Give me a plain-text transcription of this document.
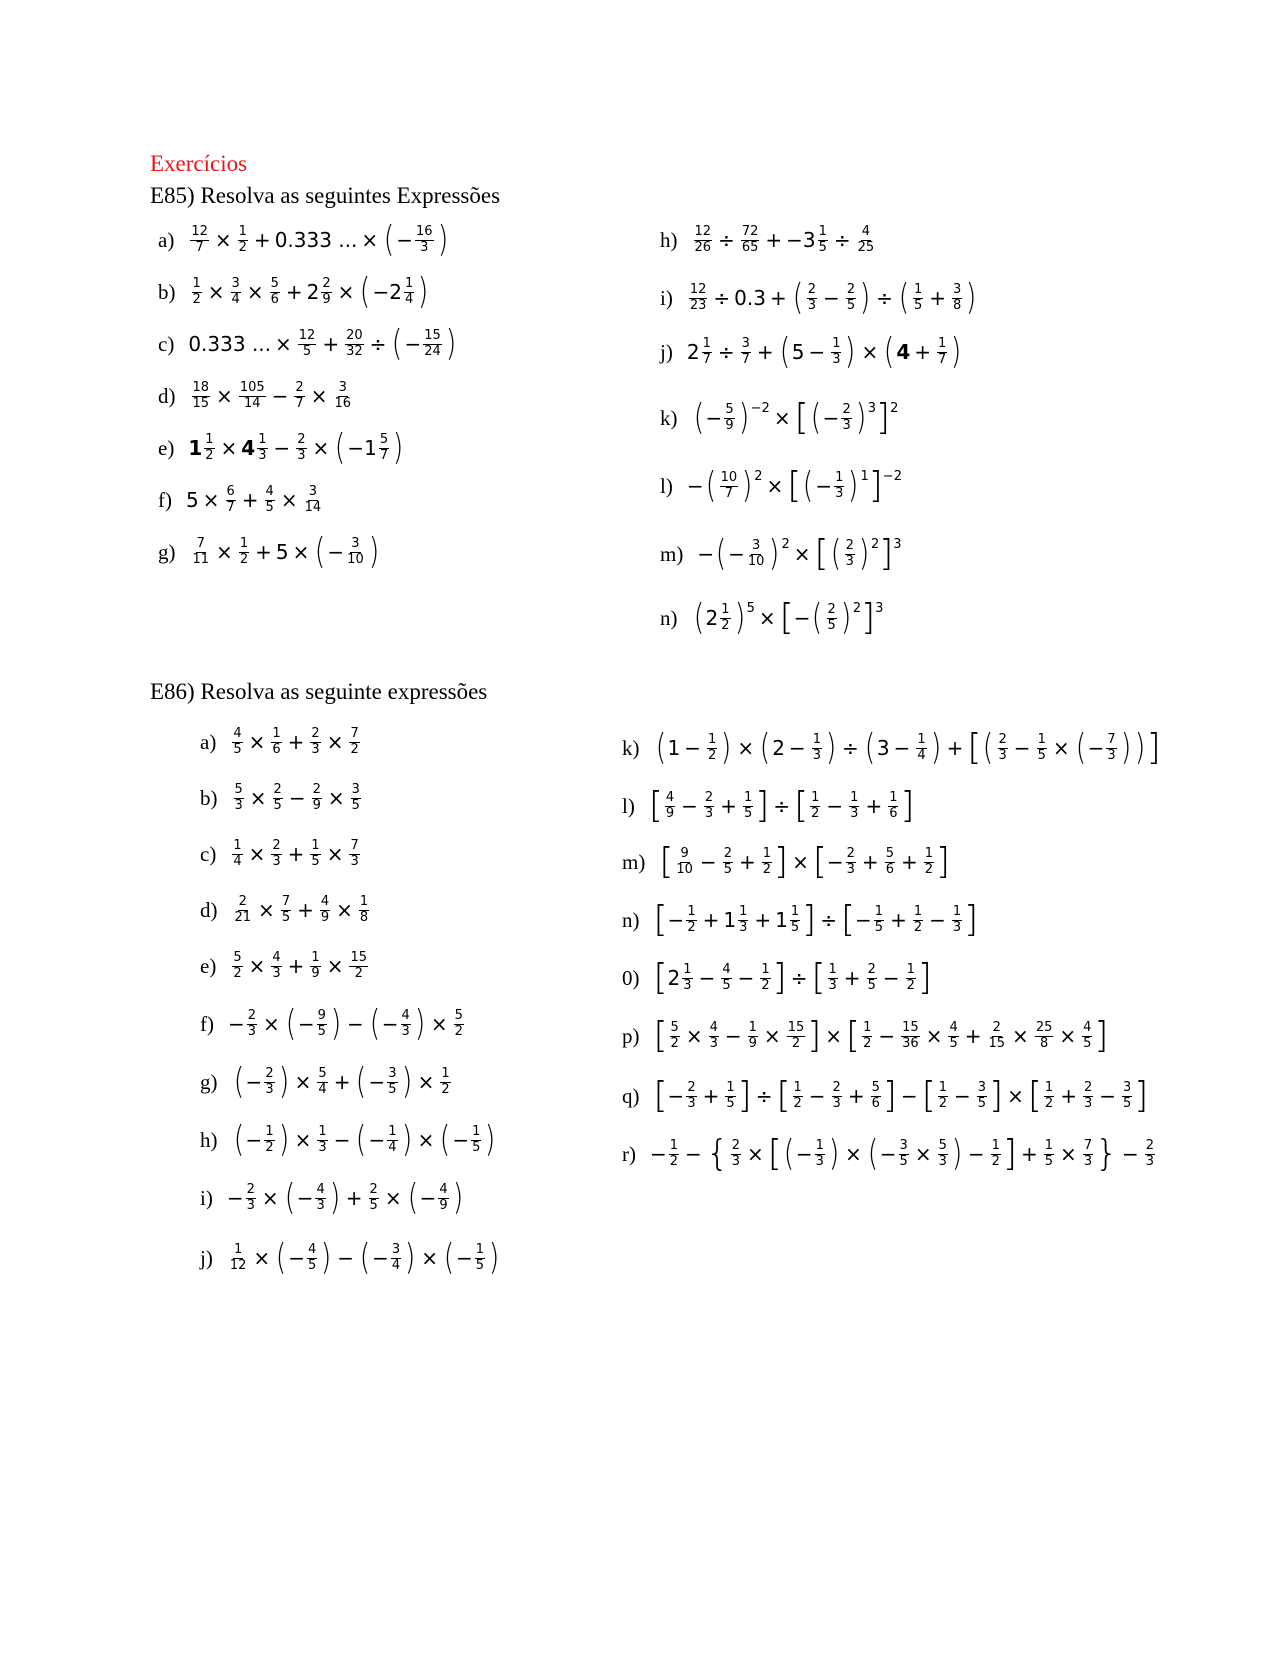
Exercícios
E85) Resolva as seguintes Expressões
E86) Resolva as seguinte expressões
$a) \frac{12}{7} \times \frac{1}{2} + 0.333$ ... × ( − 16
3 )
$b) \frac{1}{2} \times \frac{3}{4} \times \frac{5}{6} + 2 \frac{2}{9}$ × ( −2 1
4 )
c) 0.333 ... × $\frac{12}{5} + \frac{20}{32}$ ÷ ( − 15
24 )
$d) \frac{18}{15} \times \frac{105}{14} - \frac{2}{7} \times \frac{3}{16}$
e) $1 \frac{1}{2} \times 4$ 1
$3 - \frac{2}{3}$ × ( −1 5
7 )
f) $5 \times \frac{6}{7} + \frac{4}{5} \times \frac{3}{14}$
$g) \frac{7}{11} \times \frac{1}{2} + 5$ × ( − 3
10 )
$h) \frac{12}{26} \div \frac{72}{65} + -3 \frac{1}{5} \div \frac{4}{25}$
$i) \frac{12}{23} \div 0.3$ + ( 2
$3 - \frac{2}{5}$ ) ÷ ( 1
$5 + \frac{3}{8}$ )
j) $2 \frac{1}{7} \div \frac{3}{7}$ + ( $5 - \frac{1}{3}$ ) × ( $4 + \frac{1}{7}$ )
k) ( − 5
9 )$^{-2}$ × [ ( − 2
3 )$^3$ ]$^2$
l) − ( 10
7 )$^2$ × [ ( − 1
3 )$^1$ ]$^{-2}$
m) − ( − 3
10 )$^2$ × [ ( 2
3 )$^2$ ]$^3$
n) ( 2 1
2 )$^5$ × [ − ( 2
5 )$^2$ ]$^3$
$a) \frac{4}{5} \times \frac{1}{6} + \frac{2}{3} \times \frac{7}{2}$
$b) \frac{5}{3} \times \frac{2}{5} - \frac{2}{9} \times \frac{3}{5}$
$c) \frac{1}{4} \times \frac{2}{3} + \frac{1}{5} \times \frac{7}{3}$
$d) \frac{2}{21} \times \frac{7}{5} + \frac{4}{9} \times \frac{1}{8}$
$e) \frac{5}{2} \times \frac{4}{3} + \frac{1}{9} \times \frac{15}{2}$
$f) - \frac{2}{3}$ × ( − 9
5 ) − ( − 4
3 ) × $\frac{5}{2}$
g) ( − 2
3 ) × $\frac{5}{4}$ + ( − 3
5 ) × $\frac{1}{2}$
h) ( − 1
2 ) × $\frac{1}{3}$ − ( − 1
4 ) × ( − 1
5 )
$i) - \frac{2}{3}$ × ( − 4
3 ) + $\frac{2}{5}$ × ( − 4
9 )
$j) \frac{1}{12}$ × ( − 4
5 ) − ( − 3
4 ) × ( − 1
5 )
k) ( $1 - \frac{1}{2}$ ) × ( $2 - \frac{1}{3}$ ) ÷ ( $3 - \frac{1}{4}$ ) + [ ( 2
$3 - \frac{1}{5}$ × ( − 7
3 ) ) ]
l) [ 4
$9 - \frac{2}{3} + \frac{1}{5}$ ] ÷ [ 1
$2 - \frac{1}{3} + \frac{1}{6}$ ]
m) [ 9
$10 - \frac{2}{5} + \frac{1}{2}$ ] × [ − 2
$3 + \frac{5}{6} + \frac{1}{2}$ ]
n) [ − 1
$2 + 1 \frac{1}{3} + 1 \frac{1}{5}$ ] ÷ [ − 1
$5 + \frac{1}{2} - \frac{1}{3}$ ]
0) [ 2 1
$3 - \frac{4}{5} - \frac{1}{2}$ ] ÷ [ 1
$3 + \frac{2}{5} - \frac{1}{2}$ ]
p) [ $\frac{5}{2} \times \frac{4}{3} - \frac{1}{9} \times \frac{15}{2}$ ] × [ 1
$2 - \frac{15}{36} \times \frac{4}{5} + \frac{2}{15} \times \frac{25}{8} \times \frac{4}{5}$ ]
q) [ − 2
$3 + \frac{1}{5}$ ] ÷ [ 1
$2 - \frac{2}{3} + \frac{5}{6}$ ] − [ 1
$2 - \frac{3}{5}$ ] × [ 1
$2 + \frac{2}{3} - \frac{3}{5}$ ]
r) − 1
2 − { $\frac{2}{3}$ × [ ( − 1
3 ) × ( − $\frac{3}{5} \times \frac{5}{3}$ ) − $\frac{1}{2}$ ] + $\frac{1}{5} \times \frac{7}{3}$ } − $\frac{2}{3}$
